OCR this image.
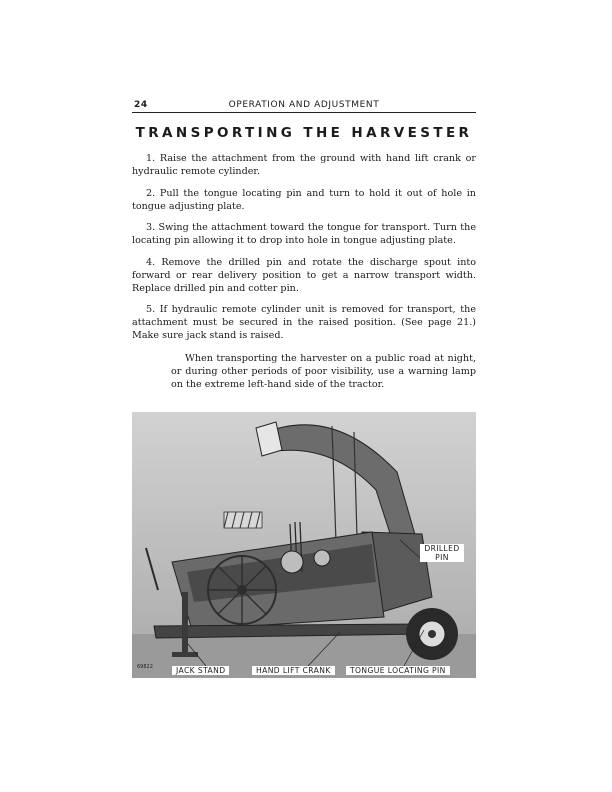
24	OPERATION AND ADJUSTMENT
TRANSPORTING THE HARVESTER

1. Raise the attachment from the ground with hand lift crank or hydraulic remote cylinder.

2. Pull the tongue locating pin and turn to hold it out of hole in tongue adjusting plate.

3. Swing the attachment toward the tongue for transport. Turn the locating pin allowing it to drop into hole in tongue adjusting plate.

4. Remove the drilled pin and rotate the discharge spout into forward or rear delivery position to get a narrow transport width. Replace drilled pin and cotter pin.

5. If hydraulic remote cylinder unit is removed for transport, the attachment must be secured in the raised position. (See page 21.) Make sure jack stand is raised.

When transporting the harvester on a public road at night, or during other periods of poor visibility, use a warning lamp on the extreme left-hand side of the tractor.

DRILLED PIN
JACK STAND	HAND LIFT CRANK	TONGUE LOCATING PIN
69822
